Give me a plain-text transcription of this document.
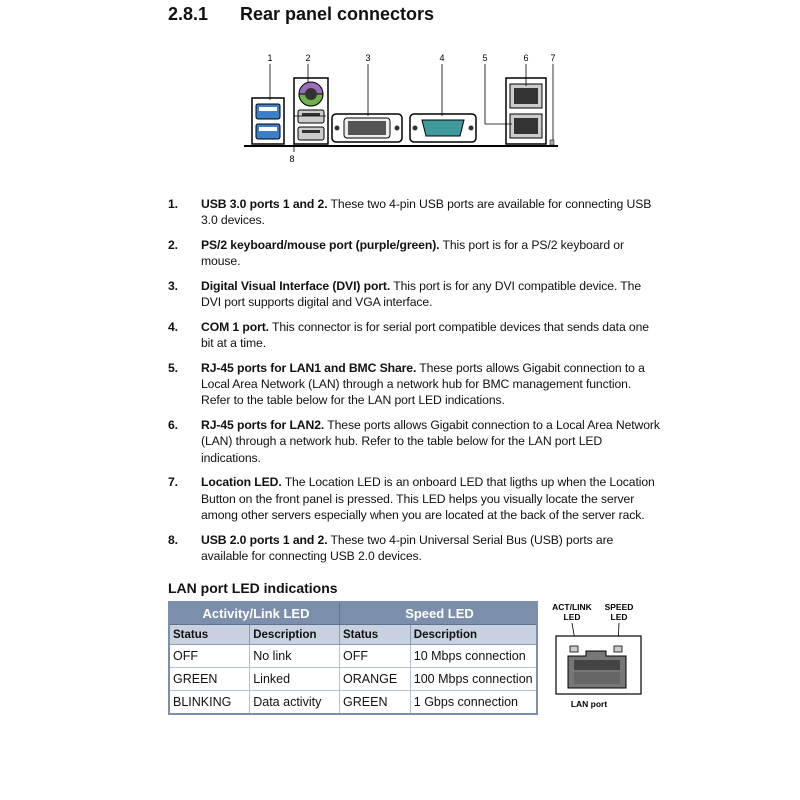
2.8.1 Rear panel connectors
1	2	3	4	5	6 7
8
1. USB 3.0 ports 1 and 2. These two 4-pin USB ports are available for connecting USB 3.0 devices.
2. PS/2 keyboard/mouse port (purple/green). This port is for a PS/2 keyboard or mouse.
3. Digital Visual Interface (DVI) port. This port is for any DVI compatible device. The DVI port supports digital and VGA interface.
4. COM 1 port. This connector is for serial port compatible devices that sends data one bit at a time.
5. RJ-45 ports for LAN1 and BMC Share. These ports allows Gigabit connection to a Local Area Network (LAN) through a network hub for BMC management function. Refer to the table below for the LAN port LED indications.
6. RJ-45 ports for LAN2. These ports allows Gigabit connection to a Local Area Network (LAN) through a network hub. Refer to the table below for the LAN port LED indications.
7. Location LED. The Location LED is an onboard LED that ligths up when the Location Button on the front panel is pressed. This LED helps you visually locate the server among other servers especially when you are located at the back of the server rack.
8. USB 2.0 ports 1 and 2. These two 4-pin Universal Serial Bus (USB) ports are available for connecting USB 2.0 devices.
LAN port LED indications
Activity/Link LED		Speed LED	
Status	Description	Status	Description
OFF	No link	OFF	10 Mbps connection
GREEN	Linked	ORANGE	100 Mbps connection
BLINKING	Data activity	GREEN	1 Gbps connection
ACT/LINK
LED
SPEED
LED
LAN port
